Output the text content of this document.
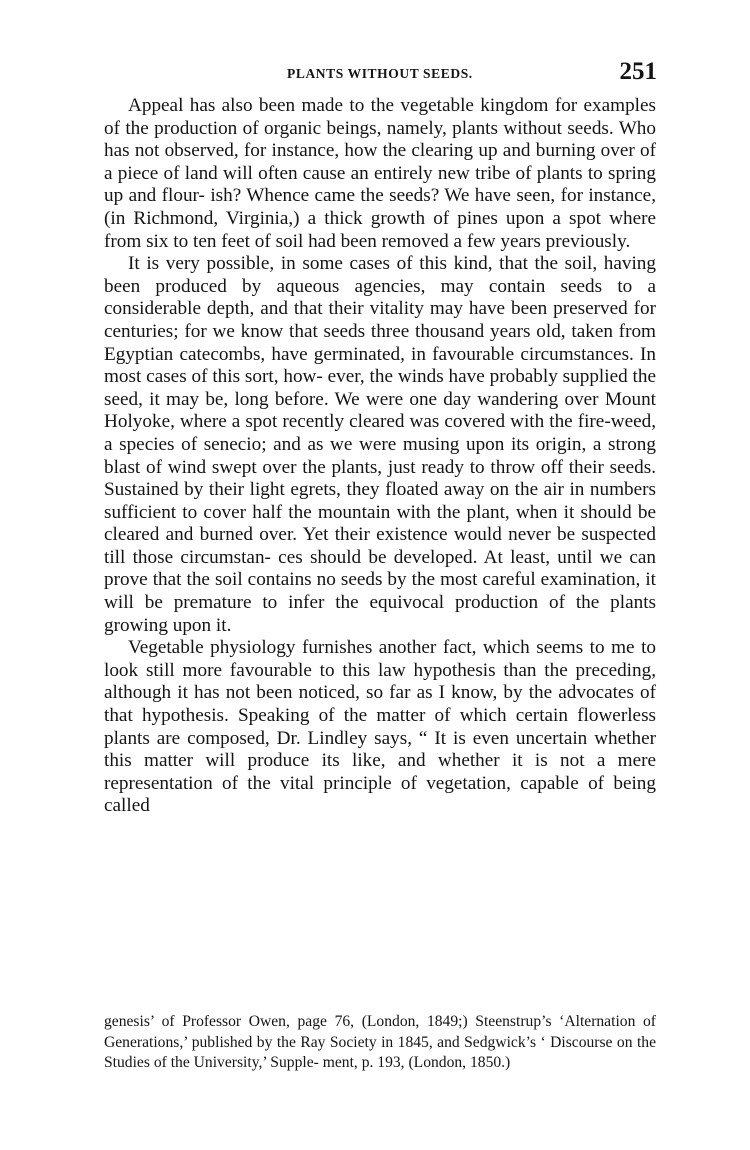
PLANTS WITHOUT SEEDS.	251

Appeal has also been made to the vegetable kingdom for examples of the production of organic beings, namely, plants without seeds. Who has not observed, for instance, how the clearing up and burning over of a piece of land will often cause an entirely new tribe of plants to spring up and flour- ish? Whence came the seeds? We have seen, for instance, (in Richmond, Virginia,) a thick growth of pines upon a spot where from six to ten feet of soil had been removed a few years previously.

It is very possible, in some cases of this kind, that the soil, having been produced by aqueous agencies, may contain seeds to a considerable depth, and that their vitality may have been preserved for centuries; for we know that seeds three thousand years old, taken from Egyptian catecombs, have germinated, in favourable circumstances. In most cases of this sort, how- ever, the winds have probably supplied the seed, it may be, long before. We were one day wandering over Mount Holyoke, where a spot recently cleared was covered with the fire-weed, a species of senecio; and as we were musing upon its origin, a strong blast of wind swept over the plants, just ready to throw off their seeds. Sustained by their light egrets, they floated away on the air in numbers sufficient to cover half the mountain with the plant, when it should be cleared and burned over. Yet their existence would never be suspected till those circumstan- ces should be developed. At least, until we can prove that the soil contains no seeds by the most careful examination, it will be premature to infer the equivocal production of the plants growing upon it.

Vegetable physiology furnishes another fact, which seems to me to look still more favourable to this law hypothesis than the preceding, although it has not been noticed, so far as I know, by the advocates of that hypothesis. Speaking of the matter of which certain flowerless plants are composed, Dr. Lindley says, “ It is even uncertain whether this matter will produce its like, and whether it is not a mere representation of the vital principle of vegetation, capable of being called

genesis’ of Professor Owen, page 76, (London, 1849;) Steenstrup’s ‘Alternation of Generations,’ published by the Ray Society in 1845, and Sedgwick’s ‘ Discourse on the Studies of the University,’ Supple- ment, p. 193, (London, 1850.)
